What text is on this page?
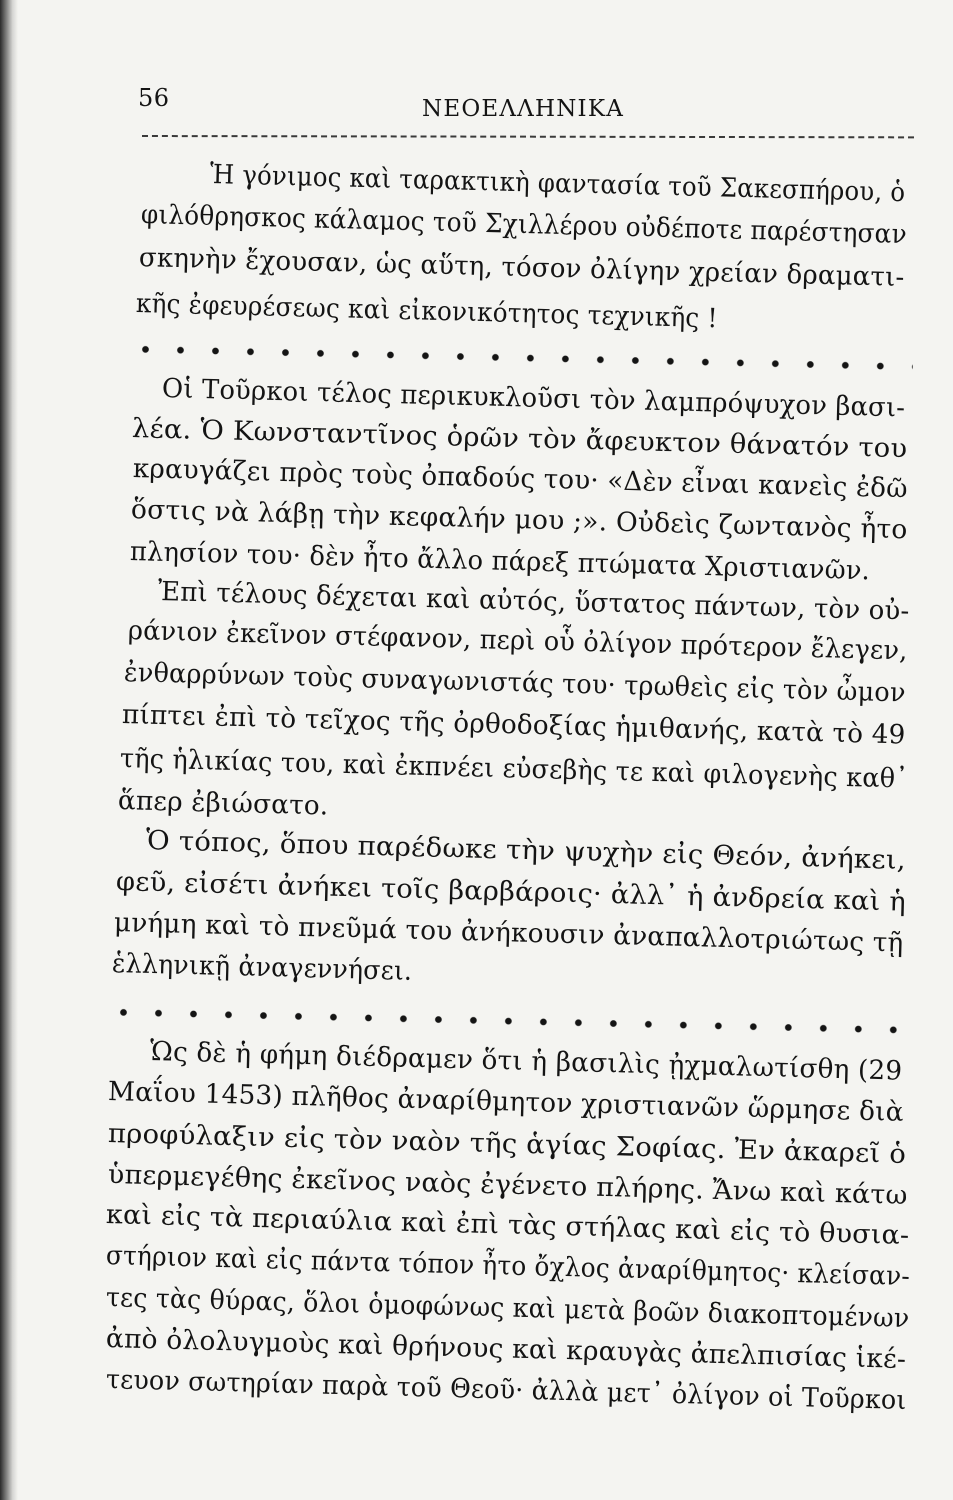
56	ΝΕΟΕΛΛΗΝΙΚΑ
Ἡ γόνιμος καὶ ταρακτικὴ φαντασία τοῦ Σακεσπήρου, ὁ
φιλόθρησκος κάλαμος τοῦ Σχιλλέρου οὐδέποτε παρέστησαν
σκηνὴν ἔχουσαν, ὡς αὕτη, τόσον ὀλίγην χρείαν δραματι-
κῆς ἐφευρέσεως καὶ εἰκονικότητος τεχνικῆς !
Οἱ Τοῦρκοι τέλος περικυκλοῦσι τὸν λαμπρόψυχον βασι-
λέα. Ὁ Κωνσταντῖνος ὁρῶν τὸν ἄφευκτον θάνατόν του
κραυγάζει πρὸς τοὺς ὀπαδούς του· «Δὲν εἶναι κανεὶς ἐδῶ
ὅστις νὰ λάβῃ τὴν κεφαλήν μου ;». Οὐδεὶς ζωντανὸς ἦτο
πλησίον του· δὲν ἦτο ἄλλο πάρεξ πτώματα Χριστιανῶν.
Ἐπὶ τέλους δέχεται καὶ αὐτός, ὕστατος πάντων, τὸν οὐ-
ράνιον ἐκεῖνον στέφανον, περὶ οὗ ὀλίγον πρότερον ἔλεγεν,
ἐνθαρρύνων τοὺς συναγωνιστάς του· τρωθεὶς εἰς τὸν ὦμον
πίπτει ἐπὶ τὸ τεῖχος τῆς ὀρθοδοξίας ἡμιθανής, κατὰ τὸ 49
τῆς ἡλικίας του, καὶ ἐκπνέει εὐσεβὴς τε καὶ φιλογενὴς καθ᾽
ἅπερ ἐβιώσατο.
Ὁ τόπος, ὅπου παρέδωκε τὴν ψυχὴν εἰς Θεόν, ἀνήκει,
φεῦ, εἰσέτι ἀνήκει τοῖς βαρβάροις· ἀλλ᾽ ἡ ἀνδρεία καὶ ἡ
μνήμη καὶ τὸ πνεῦμά του ἀνήκουσιν ἀναπαλλοτριώτως τῇ
ἑλληνικῇ ἀναγεννήσει.
Ὡς δὲ ἡ φήμη διέδραμεν ὅτι ἡ βασιλὶς ᾐχμαλωτίσθη (29
Μαΐου 1453) πλῆθος ἀναρίθμητον χριστιανῶν ὥρμησε διὰ
προφύλαξιν εἰς τὸν ναὸν τῆς ἁγίας Σοφίας. Ἐν ἀκαρεῖ ὁ
ὑπερμεγέθης ἐκεῖνος ναὸς ἐγένετο πλήρης. Ἄνω καὶ κάτω
καὶ εἰς τὰ περιαύλια καὶ ἐπὶ τὰς στήλας καὶ εἰς τὸ θυσια-
στήριον καὶ εἰς πάντα τόπον ἦτο ὄχλος ἀναρίθμητος· κλείσαν-
τες τὰς θύρας, ὅλοι ὁμοφώνως καὶ μετὰ βοῶν διακοπτομένων
ἀπὸ ὀλολυγμοὺς καὶ θρήνους καὶ κραυγὰς ἀπελπισίας ἱκέ-
τευον σωτηρίαν παρὰ τοῦ Θεοῦ· ἀλλὰ μετ᾽ ὀλίγον οἱ Τοῦρκοι
